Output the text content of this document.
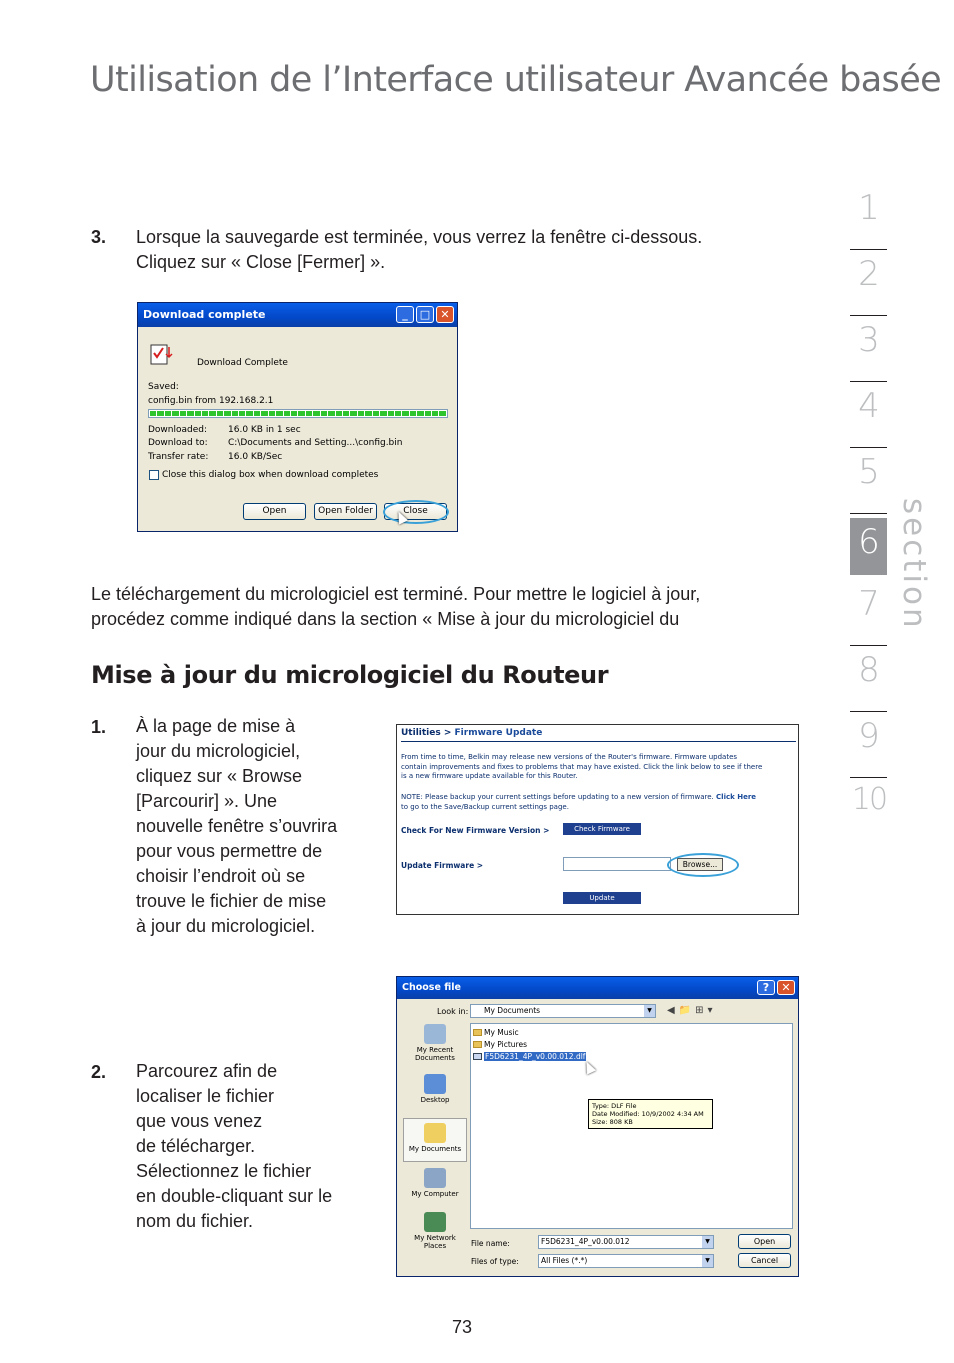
Utilisation de l’Interface utilisateur Avancée basée
1
2
3
4
5
6
7
8
9
10
section
3. Lorsque la sauvegarde est terminée, vous verrez la fenêtre ci-dessous.
Cliquez sur « Close [Fermer] ».
Download complete	_	□ ✕
Download Complete
Saved:
config.bin from 192.168.2.1
Downloaded: 16.0 KB in 1 sec
Download to: C:\Documents and Setting...\config.bin
Transfer rate: 16.0 KB/Sec
Close this dialog box when download completes
Open	Open Folder	Close
Le téléchargement du micrologiciel est terminé. Pour mettre le logiciel à jour,
procédez comme indiqué dans la section « Mise à jour du micrologiciel du
Mise à jour du micrologiciel du Routeur
1. À la page de mise à
jour du micrologiciel,
cliquez sur « Browse
[Parcourir] ». Une
nouvelle fenêtre s’ouvrira
pour vous permettre de
choisir l’endroit où se
trouve le fichier de mise
à jour du micrologiciel.
Utilities > Firmware Update
From time to time, Belkin may release new versions of the Router's firmware. Firmware updates
contain improvements and fixes to problems that may have existed. Click the link below to see if there
is a new firmware update available for this Router.
NOTE: Please backup your current settings before updating to a new version of firmware. Click Here
to go to the Save/Backup current settings page.
Check For New Firmware Version >	Check Firmware
Update Firmware >	Browse...
Update
2. Parcourez afin de
localiser le fichier
que vous venez
de télécharger.
Sélectionnez le fichier
en double-cliquant sur le
nom du fichier.
Choose file	?	✕
Look in:	My Documents	▼	◀📁⊞▾
My Recent Documents
Desktop
My Documents
My Computer
My Network Places
My Music
My Pictures
F5D6231_4P_v0.00.012.dlf
Type: DLF File
Date Modified: 10/9/2002 4:34 AM
Size: 808 KB
File name:	F5D6231_4P_v0.00.012	▼
Files of type:	All Files (*.*)	▼
Open
Cancel
73
